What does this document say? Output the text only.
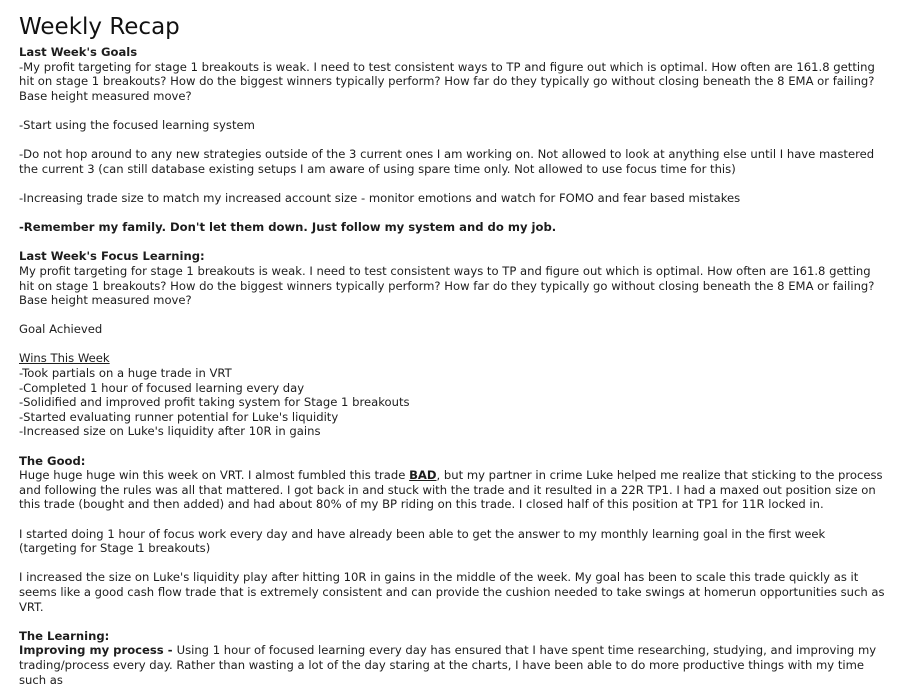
Weekly Recap
Last Week's Goals
-My profit targeting for stage 1 breakouts is weak. I need to test consistent ways to TP and figure out which is optimal. How often are 161.8 getting hit on stage 1 breakouts? How do the biggest winners typically perform? How far do they typically go without closing beneath the 8 EMA or failing? Base height measured move?
-Start using the focused learning system
-Do not hop around to any new strategies outside of the 3 current ones I am working on. Not allowed to look at anything else until I have mastered the current 3 (can still database existing setups I am aware of using spare time only. Not allowed to use focus time for this)
-Increasing trade size to match my increased account size - monitor emotions and watch for FOMO and fear based mistakes
-Remember my family. Don't let them down. Just follow my system and do my job.
Last Week's Focus Learning:
My profit targeting for stage 1 breakouts is weak. I need to test consistent ways to TP and figure out which is optimal. How often are 161.8 getting hit on stage 1 breakouts? How do the biggest winners typically perform? How far do they typically go without closing beneath the 8 EMA or failing? Base height measured move?
Goal Achieved
Wins This Week
-Took partials on a huge trade in VRT
-Completed 1 hour of focused learning every day
-Solidified and improved profit taking system for Stage 1 breakouts
-Started evaluating runner potential for Luke's liquidity
-Increased size on Luke's liquidity after 10R in gains
The Good:
Huge huge huge win this week on VRT. I almost fumbled this trade BAD, but my partner in crime Luke helped me realize that sticking to the process and following the rules was all that mattered. I got back in and stuck with the trade and it resulted in a 22R TP1. I had a maxed out position size on this trade (bought and then added) and had about 80% of my BP riding on this trade. I closed half of this position at TP1 for 11R locked in.
I started doing 1 hour of focus work every day and have already been able to get the answer to my monthly learning goal in the first week (targeting for Stage 1 breakouts)
I increased the size on Luke's liquidity play after hitting 10R in gains in the middle of the week. My goal has been to scale this trade quickly as it seems like a good cash flow trade that is extremely consistent and can provide the cushion needed to take swings at homerun opportunities such as VRT.
The Learning:
Improving my process - Using 1 hour of focused learning every day has ensured that I have spent time researching, studying, and improving my trading/process every day. Rather than wasting a lot of the day staring at the charts, I have been able to do more productive things with my time such as
